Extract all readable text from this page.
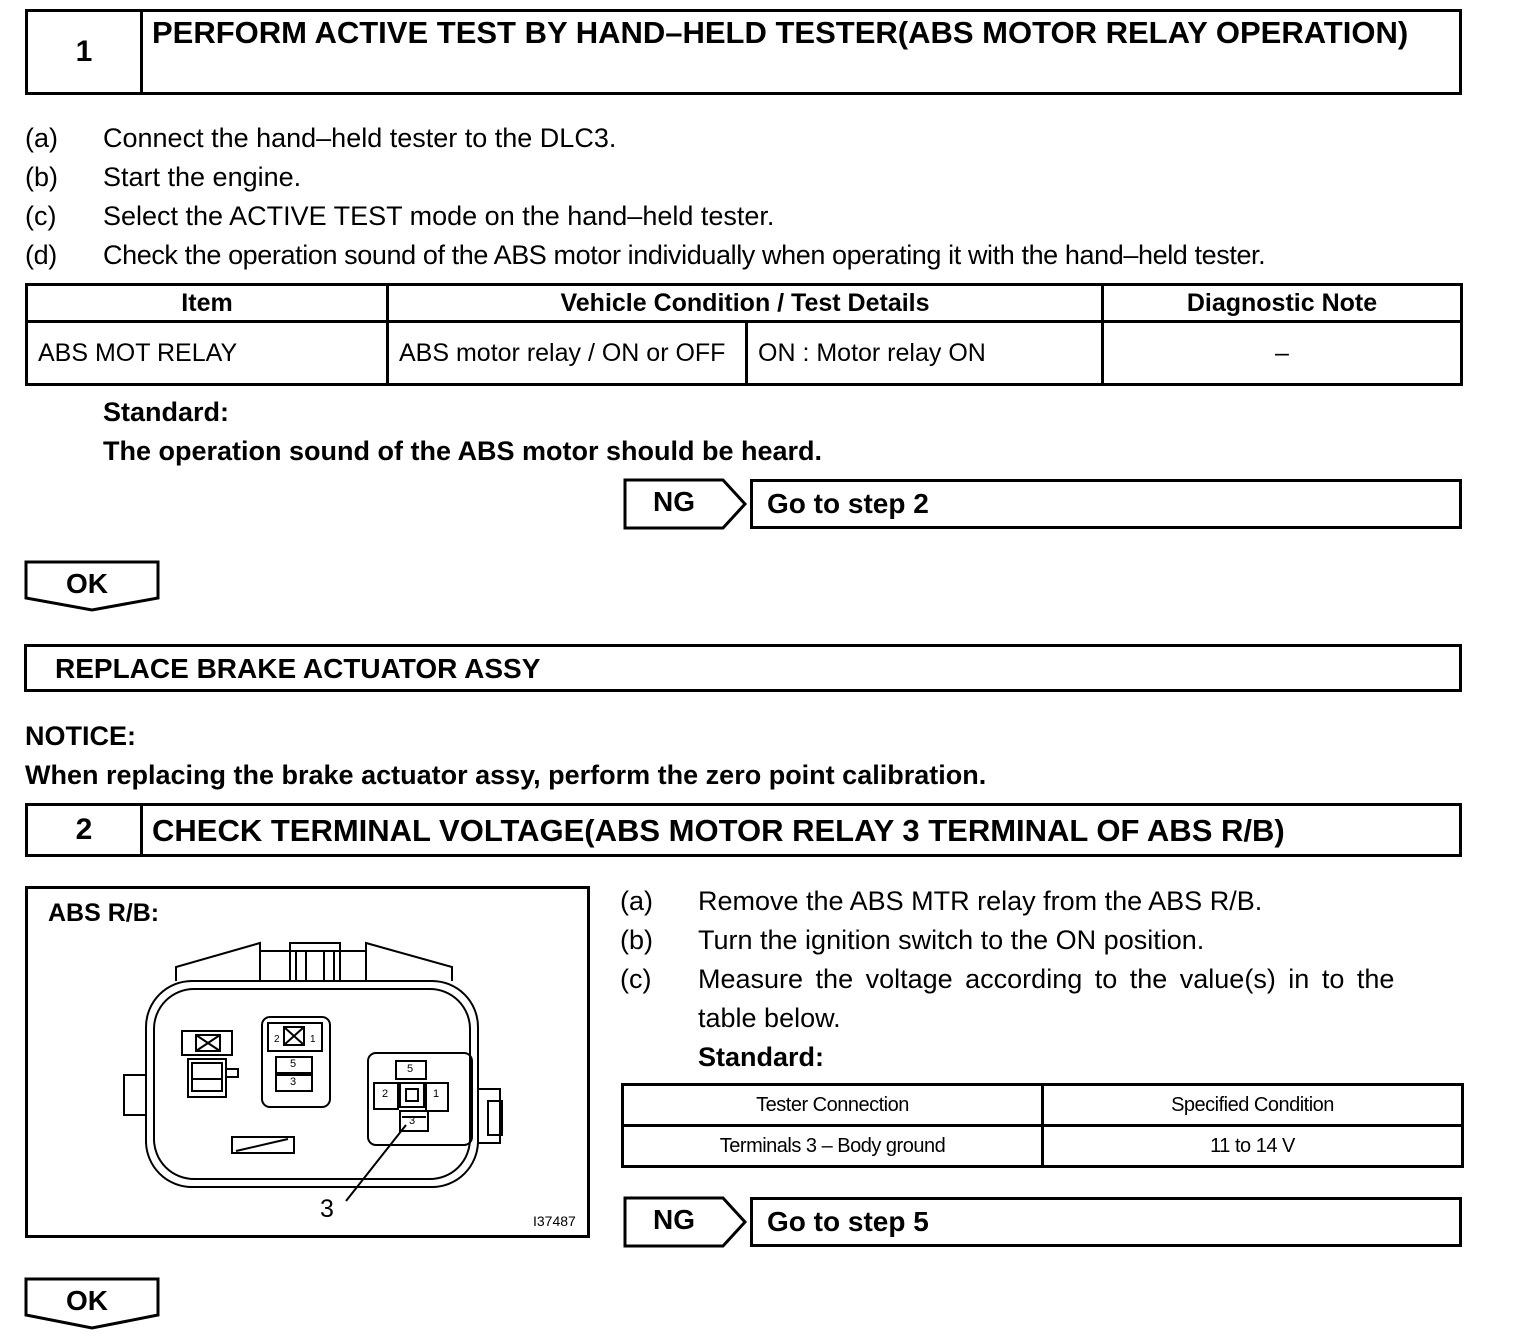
1
PERFORM ACTIVE TEST BY HAND–HELD TESTER(ABS MOTOR RELAY OPERATION)
(a) Connect the hand–held tester to the DLC3.
(b) Start the engine.
(c) Select the ACTIVE TEST mode on the hand–held tester.
(d) Check the operation sound of the ABS motor individually when operating it with the hand–held tester.
Item	Vehicle Condition / Test Details		Diagnostic Note
ABS MOT RELAY	ABS motor relay / ON or OFF	ON : Motor relay ON	–
Standard:
The operation sound of the ABS motor should be heard.
NG	Go to step 2
OK
REPLACE BRAKE ACTUATOR ASSY
NOTICE:
When replacing the brake actuator assy, perform the zero point calibration.
2	CHECK TERMINAL VOLTAGE(ABS MOTOR RELAY 3 TERMINAL OF ABS R/B)
ABS R/B:
2	1
5
3
5
2	1
3
3	I37487
(a) Remove the ABS MTR relay from the ABS R/B.
(b) Turn the ignition switch to the ON position.
(c) Measure the voltage according to the value(s) in to the
table below.
Standard:
Tester Connection	Specified Condition
Terminals 3 – Body ground	11 to 14 V
NG	Go to step 5
OK
